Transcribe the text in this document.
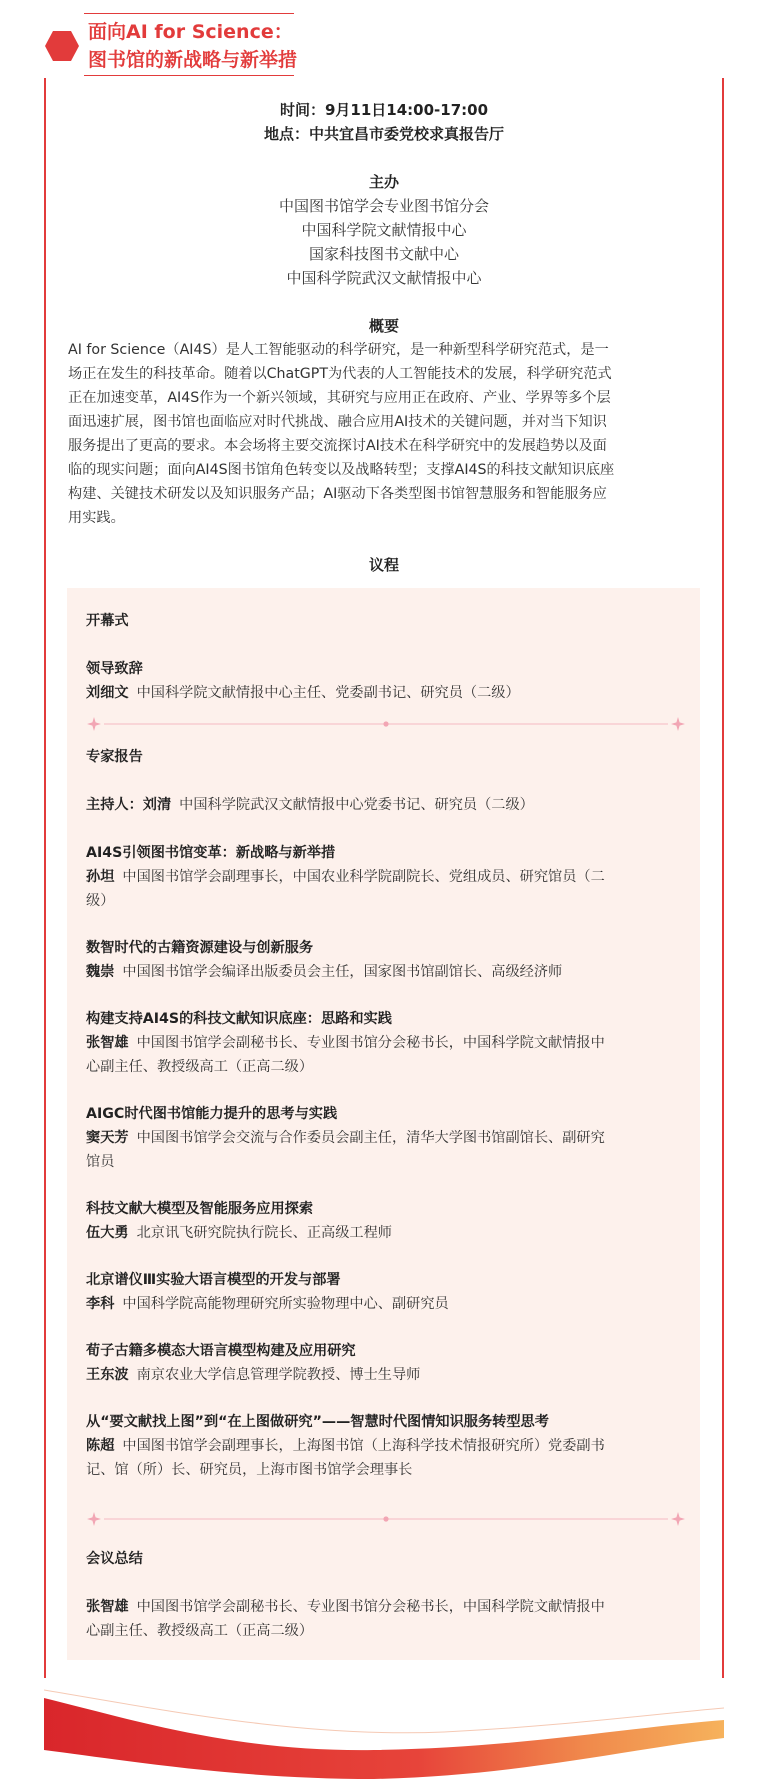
面向AI for Science：
图书馆的新战略与新举措
时间：9月11日14:00-17:00
地点：中共宜昌市委党校求真报告厅
主办
中国图书馆学会专业图书馆分会
中国科学院文献情报中心
国家科技图书文献中心
中国科学院武汉文献情报中心
概要
AI for Science（AI4S）是人工智能驱动的科学研究，是一种新型科学研究范式，是一
场正在发生的科技革命。随着以ChatGPT为代表的人工智能技术的发展，科学研究范式
正在加速变革，AI4S作为一个新兴领域，其研究与应用正在政府、产业、学界等多个层
面迅速扩展，图书馆也面临应对时代挑战、融合应用AI技术的关键问题，并对当下知识
服务提出了更高的要求。本会场将主要交流探讨AI技术在科学研究中的发展趋势以及面
临的现实问题；面向AI4S图书馆角色转变以及战略转型；支撑AI4S的科技文献知识底座
构建、关键技术研发以及知识服务产品；AI驱动下各类型图书馆智慧服务和智能服务应
用实践。
议程
开幕式
领导致辞
刘细文 中国科学院文献情报中心主任、党委副书记、研究员（二级）
专家报告
主持人：刘清 中国科学院武汉文献情报中心党委书记、研究员（二级）
AI4S引领图书馆变革：新战略与新举措
孙坦 中国图书馆学会副理事长，中国农业科学院副院长、党组成员、研究馆员（二
级）
数智时代的古籍资源建设与创新服务
魏崇 中国图书馆学会编译出版委员会主任，国家图书馆副馆长、高级经济师
构建支持AI4S的科技文献知识底座：思路和实践
张智雄 中国图书馆学会副秘书长、专业图书馆分会秘书长，中国科学院文献情报中
心副主任、教授级高工（正高二级）
AIGC时代图书馆能力提升的思考与实践
窦天芳 中国图书馆学会交流与合作委员会副主任，清华大学图书馆副馆长、副研究
馆员
科技文献大模型及智能服务应用探索
伍大勇 北京讯飞研究院执行院长、正高级工程师
北京谱仪Ⅲ实验大语言模型的开发与部署
李科 中国科学院高能物理研究所实验物理中心、副研究员
荀子古籍多模态大语言模型构建及应用研究
王东波 南京农业大学信息管理学院教授、博士生导师
从“要文献找上图”到“在上图做研究”——智慧时代图情知识服务转型思考
陈超 中国图书馆学会副理事长，上海图书馆（上海科学技术情报研究所）党委副书
记、馆（所）长、研究员，上海市图书馆学会理事长
会议总结
张智雄 中国图书馆学会副秘书长、专业图书馆分会秘书长，中国科学院文献情报中
心副主任、教授级高工（正高二级）
